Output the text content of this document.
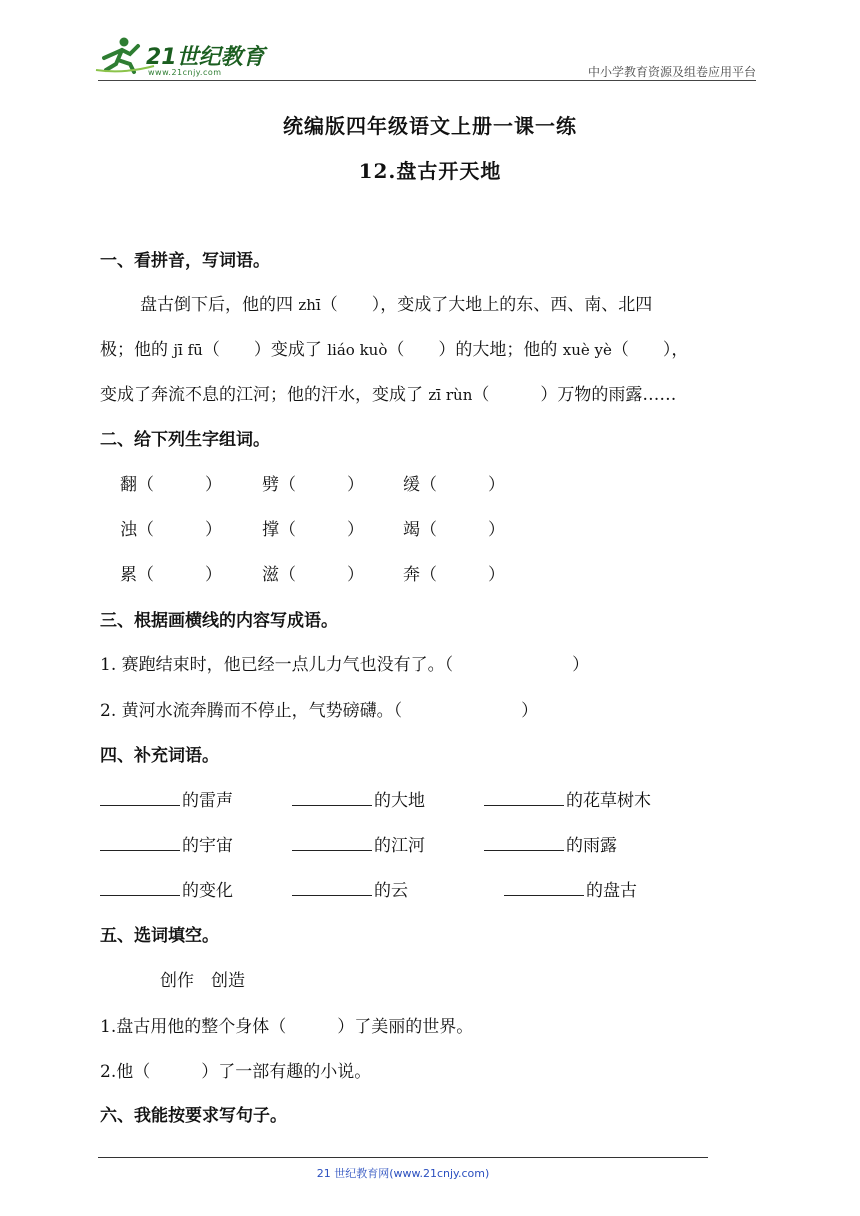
21世纪教育
www.21cnjy.com	中小学教育资源及组卷应用平台
统编版四年级语文上册一课一练
12.盘古开天地
一、看拼音，写词语。
盘古倒下后，他的四 zhī（　　），变成了大地上的东、西、南、北四
极；他的 jī fū（　　）变成了 liáo kuò（　　）的大地；他的 xuè yè（　　），
变成了奔流不息的江河；他的汗水，变成了 zī rùn（　　　）万物的雨露……
二、给下列生字组词。
翻（　　　） 劈（　　　） 缓（　　　）
浊（　　　） 撑（　　　） 竭（　　　）
累（　　　） 滋（　　　） 奔（　　　）
三、根据画横线的内容写成语。
1. 赛跑结束时，他已经一点儿力气也没有了。（　　　　　　　）
2. 黄河水流奔腾而不停止，气势磅礴。（　　　　　　　）
四、补充词语。
的雷声	的大地	的花草树木
的宇宙	的江河	的雨露
的变化	的云	的盘古
五、选词填空。
创作　创造
1.盘古用他的整个身体（　　　）了美丽的世界。
2.他（　　　）了一部有趣的小说。
六、我能按要求写句子。
21 世纪教育网(www.21cnjy.com)
